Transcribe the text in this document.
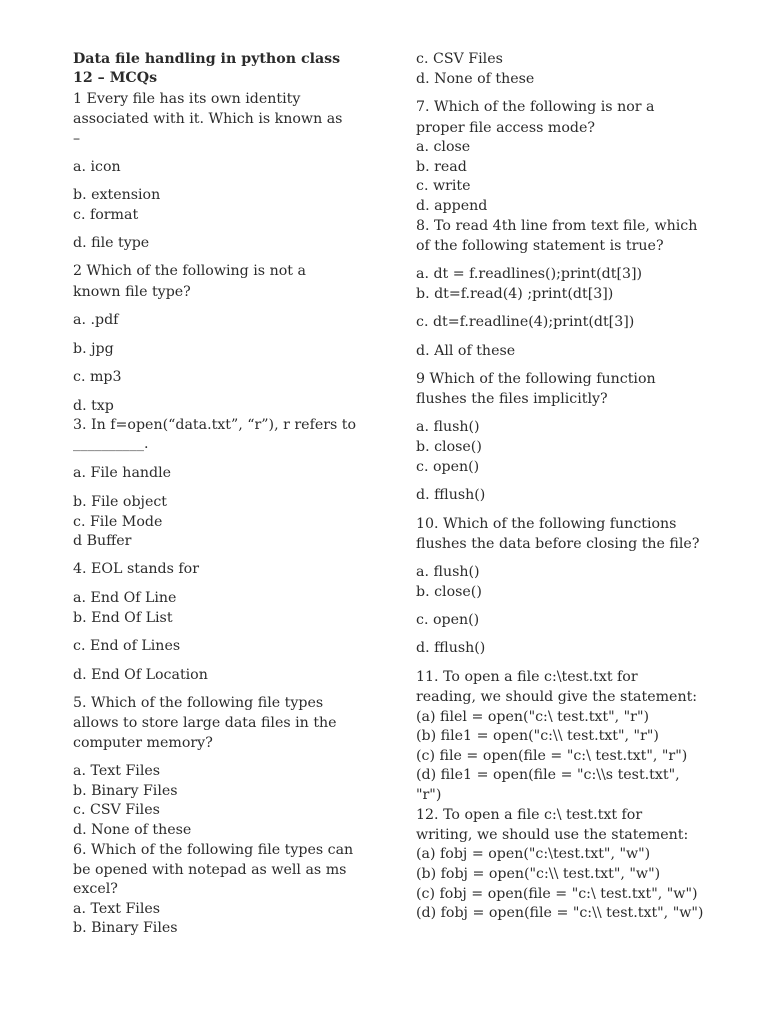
Data file handling in python class
12 – MCQs
1 Every file has its own identity
associated with it. Which is known as
–
a. icon
b. extension
c. format
d. file type
2 Which of the following is not a
known file type?
a. .pdf
b. jpg
c. mp3
d. txp
3. In f=open(“data.txt”, “r”), r refers to
__________.
a. File handle
b. File object
c. File Mode
d Buffer
4. EOL stands for
a. End Of Line
b. End Of List
c. End of Lines
d. End Of Location
5. Which of the following file types
allows to store large data files in the
computer memory?
a. Text Files
b. Binary Files
c. CSV Files
d. None of these
6. Which of the following file types can
be opened with notepad as well as ms
excel?
a. Text Files
b. Binary Files
c. CSV Files
d. None of these
7. Which of the following is nor a
proper file access mode?
a. close
b. read
c. write
d. append
8. To read 4th line from text file, which
of the following statement is true?
a. dt = f.readlines();print(dt[3])
b. dt=f.read(4) ;print(dt[3])
c. dt=f.readline(4);print(dt[3])
d. All of these
9 Which of the following function
flushes the files implicitly?
a. flush()
b. close()
c. open()
d. fflush()
10. Which of the following functions
flushes the data before closing the file?
a. flush()
b. close()
c. open()
d. fflush()
11. To open a file c:\test.txt for
reading, we should give the statement:
(a) filel = open("c:\ test.txt", "r")
(b) file1 = open("c:\\ test.txt", "r")
(c) file = open(file = "c:\ test.txt", "r")
(d) file1 = open(file = "c:\\s test.txt",
"r")
12. To open a file c:\ test.txt for
writing, we should use the statement:
(a) fobj = open("c:\test.txt", "w")
(b) fobj = open("c:\\ test.txt", "w")
(c) fobj = open(file = "c:\ test.txt", "w")
(d) fobj = open(file = "c:\\ test.txt", "w")
